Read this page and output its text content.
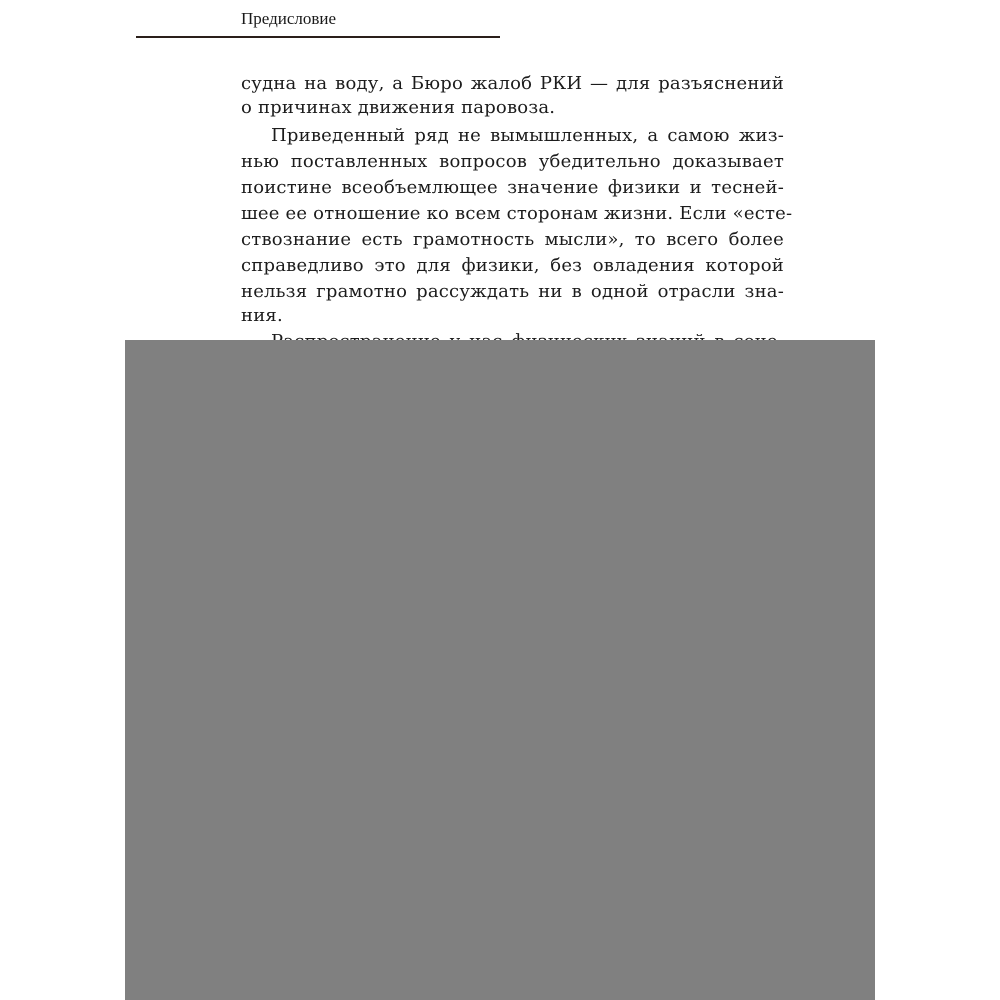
Предисловие
судна на воду, а Бюро жалоб РКИ — для разъяснений
о причинах движения паровоза.
Приведенный ряд не вымышленных, а самою жиз-
нью поставленных вопросов убедительно доказывает
поистине всеобъемлющее значение физики и тесней-
шее ее отношение ко всем сторонам жизни. Если «есте-
ствознание есть грамотность мысли», то всего более
справедливо это для физики, без овладения которой
нельзя грамотно рассуждать ни в одной отрасли зна-
ния.
